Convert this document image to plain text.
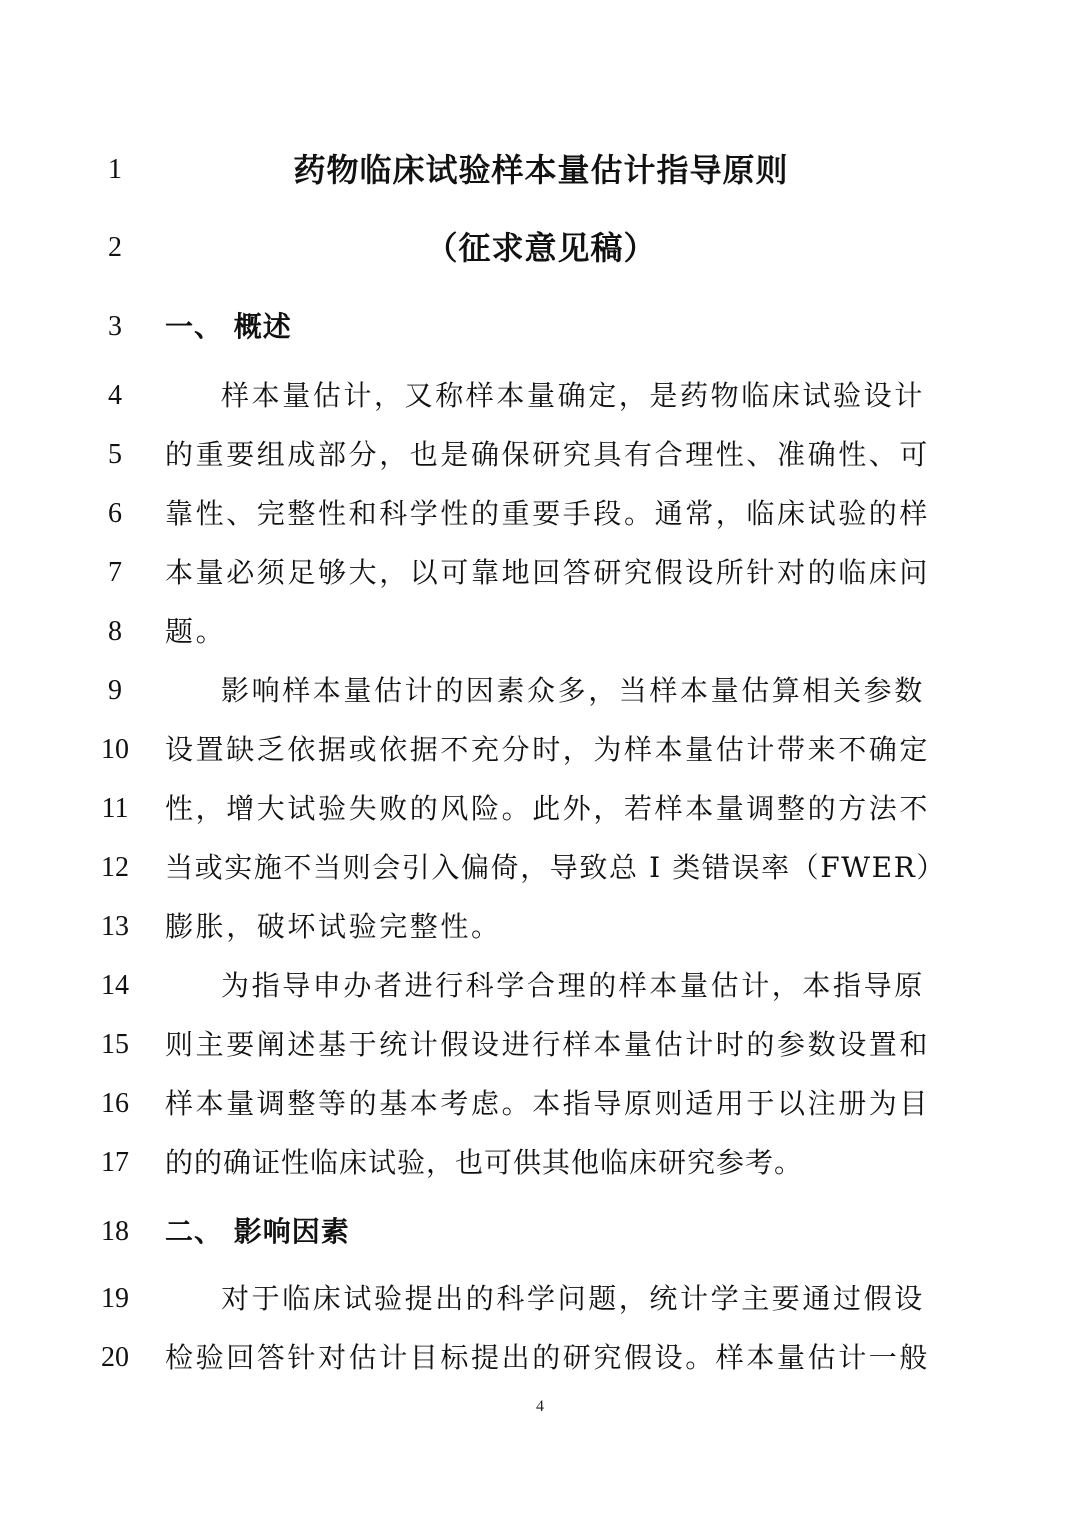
1	药物临床试验样本量估计指导原则
2	（征求意见稿）
3	一、 概述
4	样本量估计，又称样本量确定，是药物临床试验设计
5	的重要组成部分，也是确保研究具有合理性、准确性、可
6	靠性、完整性和科学性的重要手段。通常，临床试验的样
7	本量必须足够大，以可靠地回答研究假设所针对的临床问
8	题。
9	影响样本量估计的因素众多，当样本量估算相关参数
10	设置缺乏依据或依据不充分时，为样本量估计带来不确定
11	性，增大试验失败的风险。此外，若样本量调整的方法不
12	当或实施不当则会引入偏倚，导致总 I 类错误率（FWER）
13	膨胀，破坏试验完整性。
14	为指导申办者进行科学合理的样本量估计，本指导原
15	则主要阐述基于统计假设进行样本量估计时的参数设置和
16	样本量调整等的基本考虑。本指导原则适用于以注册为目
17	的的确证性临床试验，也可供其他临床研究参考。
18	二、 影响因素
19	对于临床试验提出的科学问题，统计学主要通过假设
20	检验回答针对估计目标提出的研究假设。样本量估计一般
4
